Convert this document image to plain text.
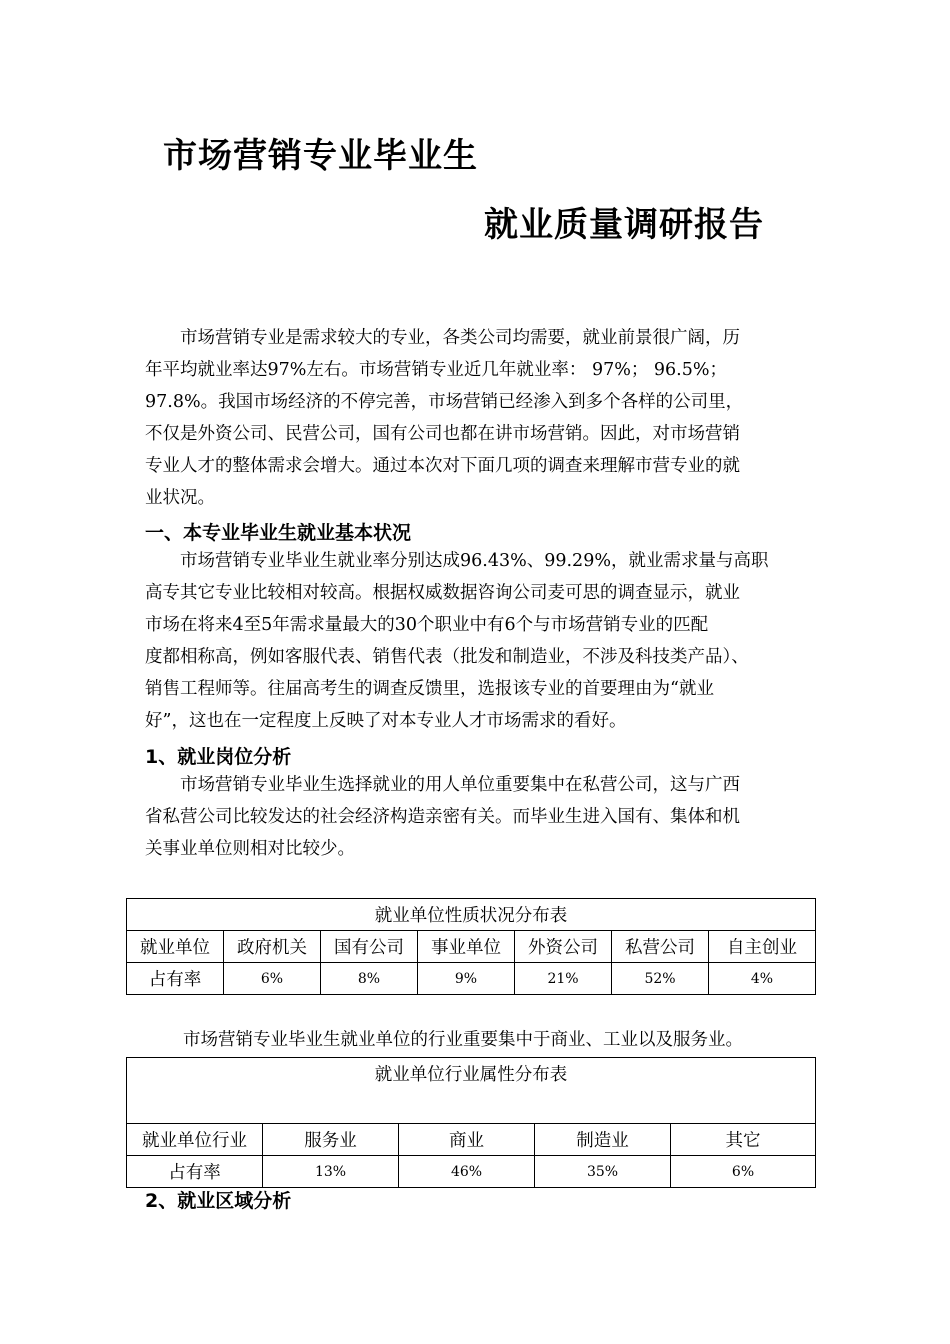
市场营销专业毕业生
就业质量调研报告
市场营销专业是需求较大的专业，各类公司均需要，就业前景很广阔，历
年平均就业率达97%左右。市场营销专业近几年就业率： 97%； 96.5%；
97.8%。我国市场经济的不停完善，市场营销已经渗入到多个各样的公司里，
不仅是外资公司、民营公司，国有公司也都在讲市场营销。因此，对市场营销
专业人才的整体需求会增大。通过本次对下面几项的调查来理解市营专业的就
业状况。
一、本专业毕业生就业基本状况
市场营销专业毕业生就业率分别达成96.43%、99.29%，就业需求量与高职
高专其它专业比较相对较高。根据权威数据咨询公司麦可思的调查显示，就业
市场在将来4至5年需求量最大的30个职业中有6个与市场营销专业的匹配
度都相称高，例如客服代表、销售代表（批发和制造业，不涉及科技类产品）、
销售工程师等。往届高考生的调查反馈里，选报该专业的首要理由为“就业
好”，这也在一定程度上反映了对本专业人才市场需求的看好。
1、就业岗位分析
市场营销专业毕业生选择就业的用人单位重要集中在私营公司，这与广西
省私营公司比较发达的社会经济构造亲密有关。而毕业生进入国有、集体和机
关事业单位则相对比较少。
就业单位性质状况分布表						
就业单位	政府机关	国有公司	事业单位	外资公司	私营公司	自主创业
占有率	6%	8%	9%	21%	52%	4%
市场营销专业毕业生就业单位的行业重要集中于商业、工业以及服务业。
就业单位行业属性分布表				
就业单位行业	服务业	商业	制造业	其它
占有率	13%	46%	35%	6%
2、就业区域分析
